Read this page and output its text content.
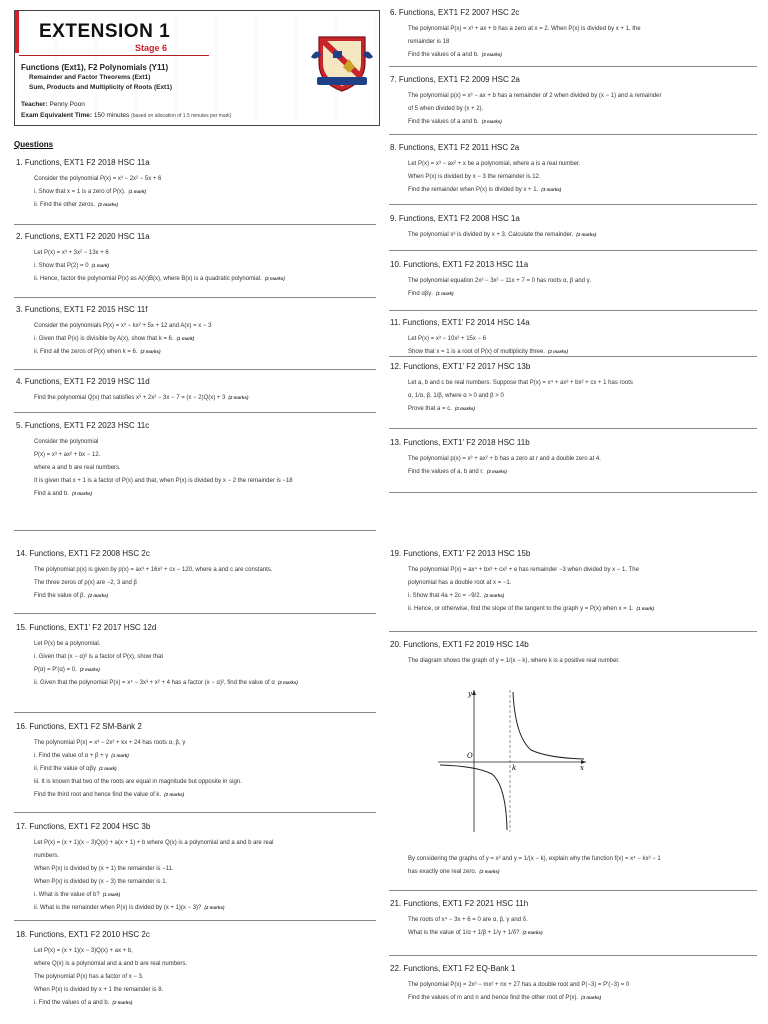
EXTENSION 1
Stage 6
Functions (Ext1), F2 Polynomials (Y11)
Remainder and Factor Theorems (Ext1)
Sum, Products and Multiplicity of Roots (Ext1)
Teacher: Penny Poon
Exam Equivalent Time: 150 minutes (based on allocation of 1.5 minutes per mark)
Questions
1. Functions, EXT1 F2 2018 HSC 11a
Consider the polynomial P(x) = x³ − 2x² − 5x + 6
i. Show that x = 1 is a zero of P(x). (1 mark)
ii. Find the other zeros. (2 marks)
2. Functions, EXT1 F2 2020 HSC 11a
Let P(x) = x³ + 3x² − 13x + 6
i. Show that P(2) = 0 (1 mark)
ii. Hence, factor the polynomial P(x) as A(x)B(x), where B(x) is a quadratic polynomial. (2 marks)
3. Functions, EXT1 F2 2015 HSC 11f
Consider the polynomials P(x) = x³ − kx² + 5x + 12 and A(x) = x − 3
i. Given that P(x) is divisible by A(x), show that k = 6. (1 mark)
ii. Find all the zeros of P(x) when k = 6. (2 marks)
4. Functions, EXT1 F2 2019 HSC 11d
Find the polynomial Q(x) that satisfies x³ + 2x² − 3x − 7 = (x − 2)Q(x) + 3 (2 marks)
5. Functions, EXT1 F2 2023 HSC 11c
Consider the polynomial
P(x) = x³ + ax² + bx − 12.
where a and b are real numbers.
It is given that x + 1 is a factor of P(x) and that, when P(x) is divided by x − 2 the remainder is −18
Find a and b. (3 marks)
14. Functions, EXT1 F2 2008 HSC 2c
The polynomial p(x) is given by p(x) = ax³ + 16x² + cx − 120, where a and c are constants.
The three zeros of p(x) are −2, 3 and β
Find the value of β. (2 marks)
15. Functions, EXT1' F2 2017 HSC 12d
Let P(x) be a polynomial.
i. Given that (x − α)² is a factor of P(x), show that
P(α) = P′(α) = 0. (2 marks)
ii. Given that the polynomial P(x) = x⁴ − 3x³ + x² + 4 has a factor (x − α)², find the value of α (2 marks)
16. Functions, EXT1 F2 SM-Bank 2
The polynomial P(x) = x³ − 2x² + kx + 24 has roots α, β, γ
i. Find the value of α + β + γ (1 mark)
ii. Find the value of αβγ (1 mark)
iii. It is known that two of the roots are equal in magnitude but opposite in sign.
Find the third root and hence find the value of k. (2 marks)
17. Functions, EXT1 F2 2004 HSC 3b
Let P(x) = (x + 1)(x − 3)Q(x) + a(x + 1) + b where Q(x) is a polynomial and a and b are real
numbers.
When P(x) is divided by (x + 1) the remainder is −11.
When P(x) is divided by (x − 3) the remainder is 1.
i. What is the value of b? (1 mark)
ii. What is the remainder when P(x) is divided by (x + 1)(x − 3)? (2 marks)
18. Functions, EXT1 F2 2010 HSC 2c
Let P(x) = (x + 1)(x − 3)Q(x) + ax + b,
where Q(x) is a polynomial and a and b are real numbers.
The polynomial P(x) has a factor of x − 3.
When P(x) is divided by x + 1 the remainder is 8.
i. Find the values of a and b. (2 marks)
6. Functions, EXT1 F2 2007 HSC 2c
The polynomial P(x) = x³ + ax + b has a zero at x = 2. When P(x) is divided by x + 1, the
remainder is 18
Find the values of a and b. (3 marks)
7. Functions, EXT1 F2 2009 HSC 2a
The polynomial p(x) = x³ − ax + b has a remainder of 2 when divided by (x − 1) and a remainder
of 5 when divided by (x + 2).
Find the values of a and b. (3 marks)
8. Functions, EXT1 F2 2011 HSC 2a
Let P(x) = x³ − ax² + x be a polynomial, where a is a real number.
When P(x) is divided by x − 3 the remainder is 12.
Find the remainder when P(x) is divided by x + 1. (3 marks)
9. Functions, EXT1 F2 2008 HSC 1a
The polynomial x³ is divided by x + 3. Calculate the remainder. (2 marks)
10. Functions, EXT1 F2 2013 HSC 11a
The polynomial equation 2x³ − 3x² − 11x + 7 = 0 has roots α, β and γ.
Find αβγ. (1 mark)
11. Functions, EXT1' F2 2014 HSC 14a
Let P(x) = x³ − 10x² + 15x − 6
Show that x = 1 is a root of P(x) of multiplicity three. (2 marks)
12. Functions, EXT1' F2 2017 HSC 13b
Let a, b and c be real numbers. Suppose that P(x) = x⁴ + ax³ + bx² + cx + 1 has roots
α, 1/α, β, 1/β, where α > 0 and β > 0
Prove that a = c. (2 marks)
13. Functions, EXT1' F2 2018 HSC 11b
The polynomial p(x) = x³ + ax² + b has a zero at r and a double zero at 4.
Find the values of a, b and r. (3 marks)
19. Functions, EXT1' F2 2013 HSC 15b
The polynomial P(x) = ax⁴ + bx³ + cx² + e has remainder −3 when divided by x − 1. The
polynomial has a double root at x = −1.
i. Show that 4a + 2c = −9/2. (2 marks)
ii. Hence, or otherwise, find the slope of the tangent to the graph y = P(x) when x = 1. (1 mark)
20. Functions, EXT1 F2 2019 HSC 14b
The diagram shows the graph of y = 1/(x − k), where k is a positive real number.
By considering the graphs of y = x³ and y = 1/(x − k), explain why the function f(x) = x⁴ − kx³ − 1
has exactly one real zero. (2 marks)
21. Functions, EXT1 F2 2021 HSC 11h
The roots of x⁴ − 3x + 6 = 0 are α, β, γ and δ.
What is the value of 1/α + 1/β + 1/γ + 1/δ? (2 marks)
22. Functions, EXT1 F2 EQ-Bank 1
The polynomial P(x) = 2x³ − mx² + nx + 27 has a double root and P(−3) = P′(−3) = 0
Find the values of m and n and hence find the other root of P(x). (3 marks)
y
x
O
k
